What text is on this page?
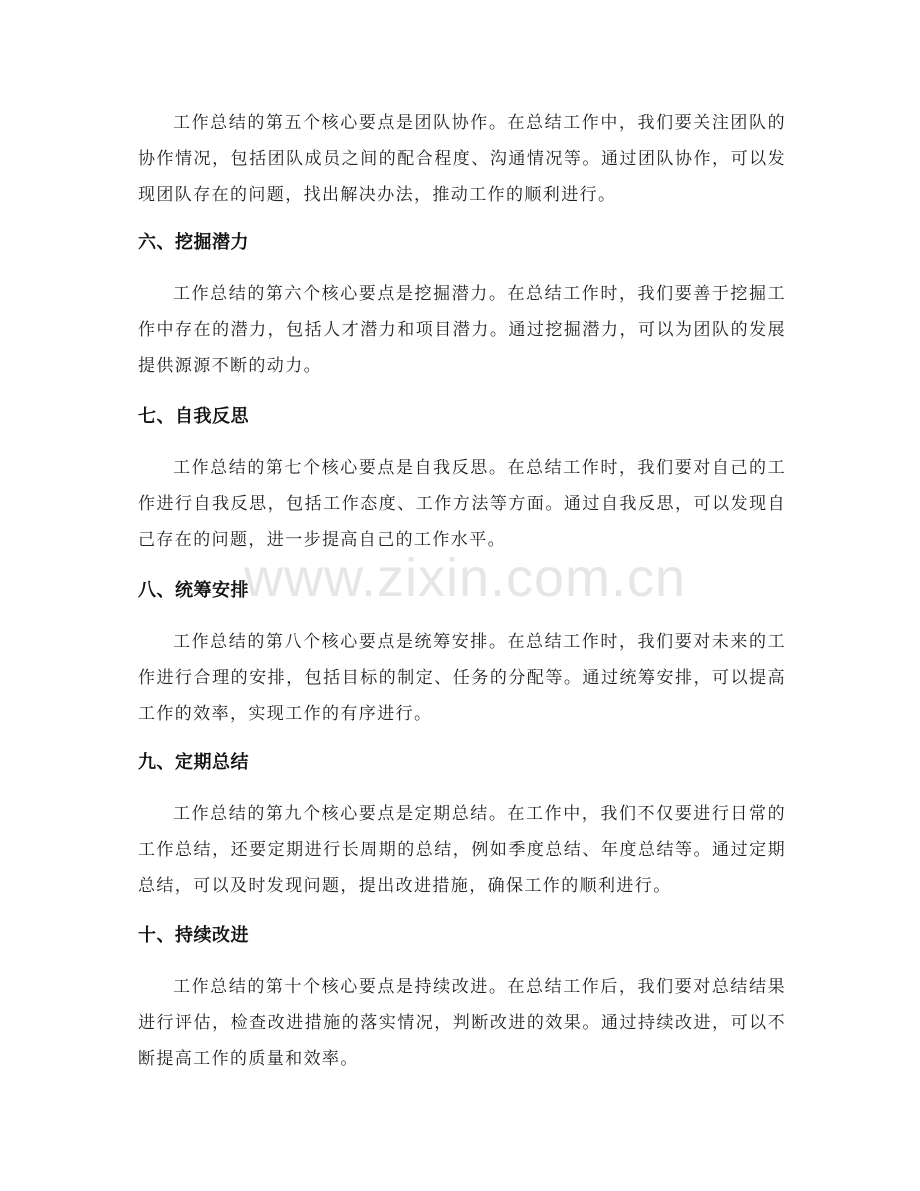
工作总结的第五个核心要点是团队协作。在总结工作中，我们要关注团队的协作情况，包括团队成员之间的配合程度、沟通情况等。通过团队协作，可以发现团队存在的问题，找出解决办法，推动工作的顺利进行。

六、挖掘潜力

工作总结的第六个核心要点是挖掘潜力。在总结工作时，我们要善于挖掘工作中存在的潜力，包括人才潜力和项目潜力。通过挖掘潜力，可以为团队的发展提供源源不断的动力。

七、自我反思

工作总结的第七个核心要点是自我反思。在总结工作时，我们要对自己的工作进行自我反思，包括工作态度、工作方法等方面。通过自我反思，可以发现自己存在的问题，进一步提高自己的工作水平。

八、统筹安排

工作总结的第八个核心要点是统筹安排。在总结工作时，我们要对未来的工作进行合理的安排，包括目标的制定、任务的分配等。通过统筹安排，可以提高工作的效率，实现工作的有序进行。

九、定期总结

工作总结的第九个核心要点是定期总结。在工作中，我们不仅要进行日常的工作总结，还要定期进行长周期的总结，例如季度总结、年度总结等。通过定期总结，可以及时发现问题，提出改进措施，确保工作的顺利进行。

十、持续改进

工作总结的第十个核心要点是持续改进。在总结工作后，我们要对总结结果进行评估，检查改进措施的落实情况，判断改进的效果。通过持续改进，可以不断提高工作的质量和效率。

www.zixin.com.cn
